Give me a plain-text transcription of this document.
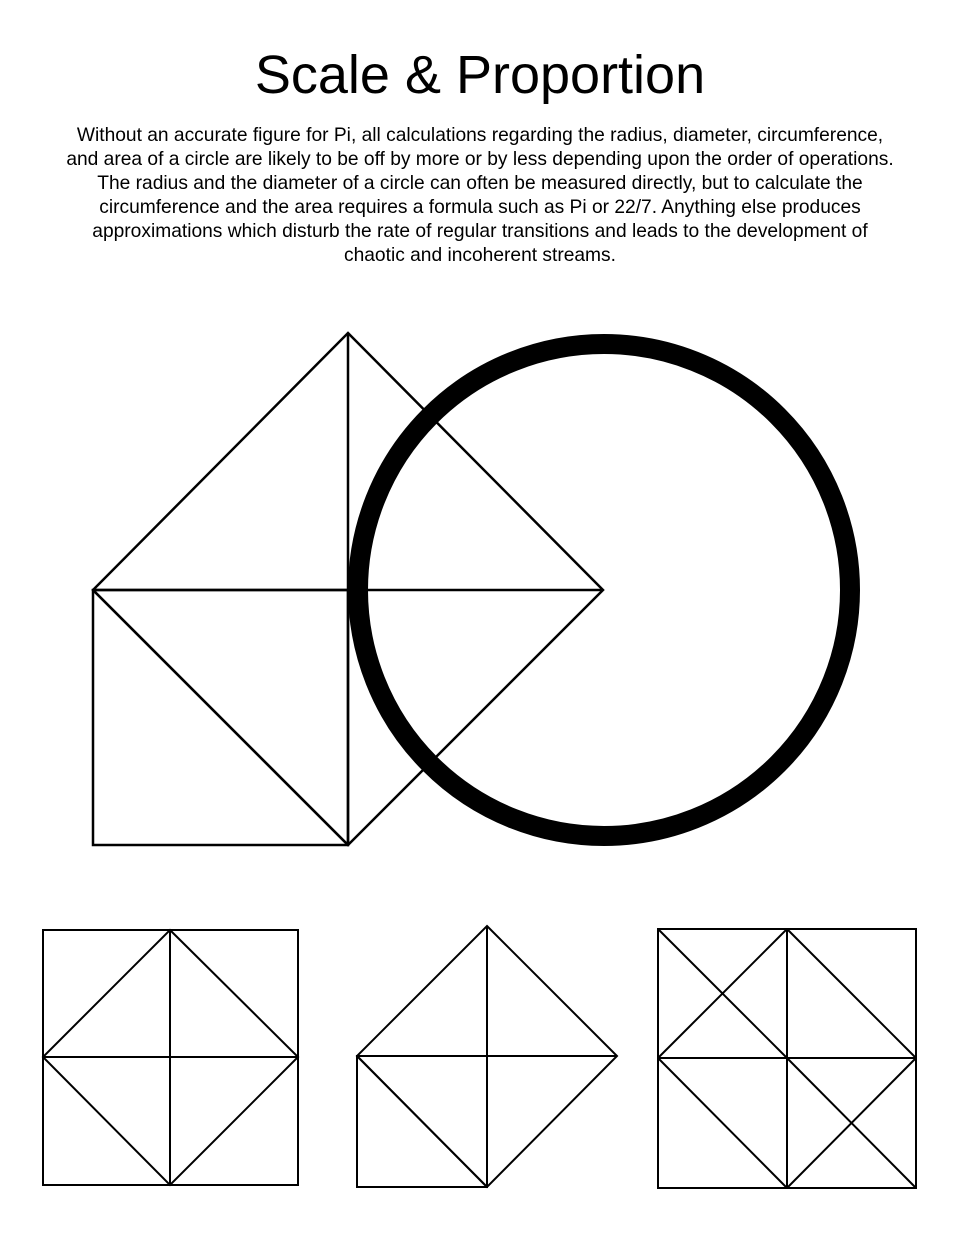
Scale & Proportion

Without an accurate figure for Pi, all calculations regarding the radius, diameter, circumference, and area of a circle are likely to be off by more or by less depending upon the order of operations. The radius and the diameter of a circle can often be measured directly, but to calculate the circumference and the area requires a formula such as Pi or 22/7. Anything else produces approximations which disturb the rate of regular transitions and leads to the development of chaotic and incoherent streams.
